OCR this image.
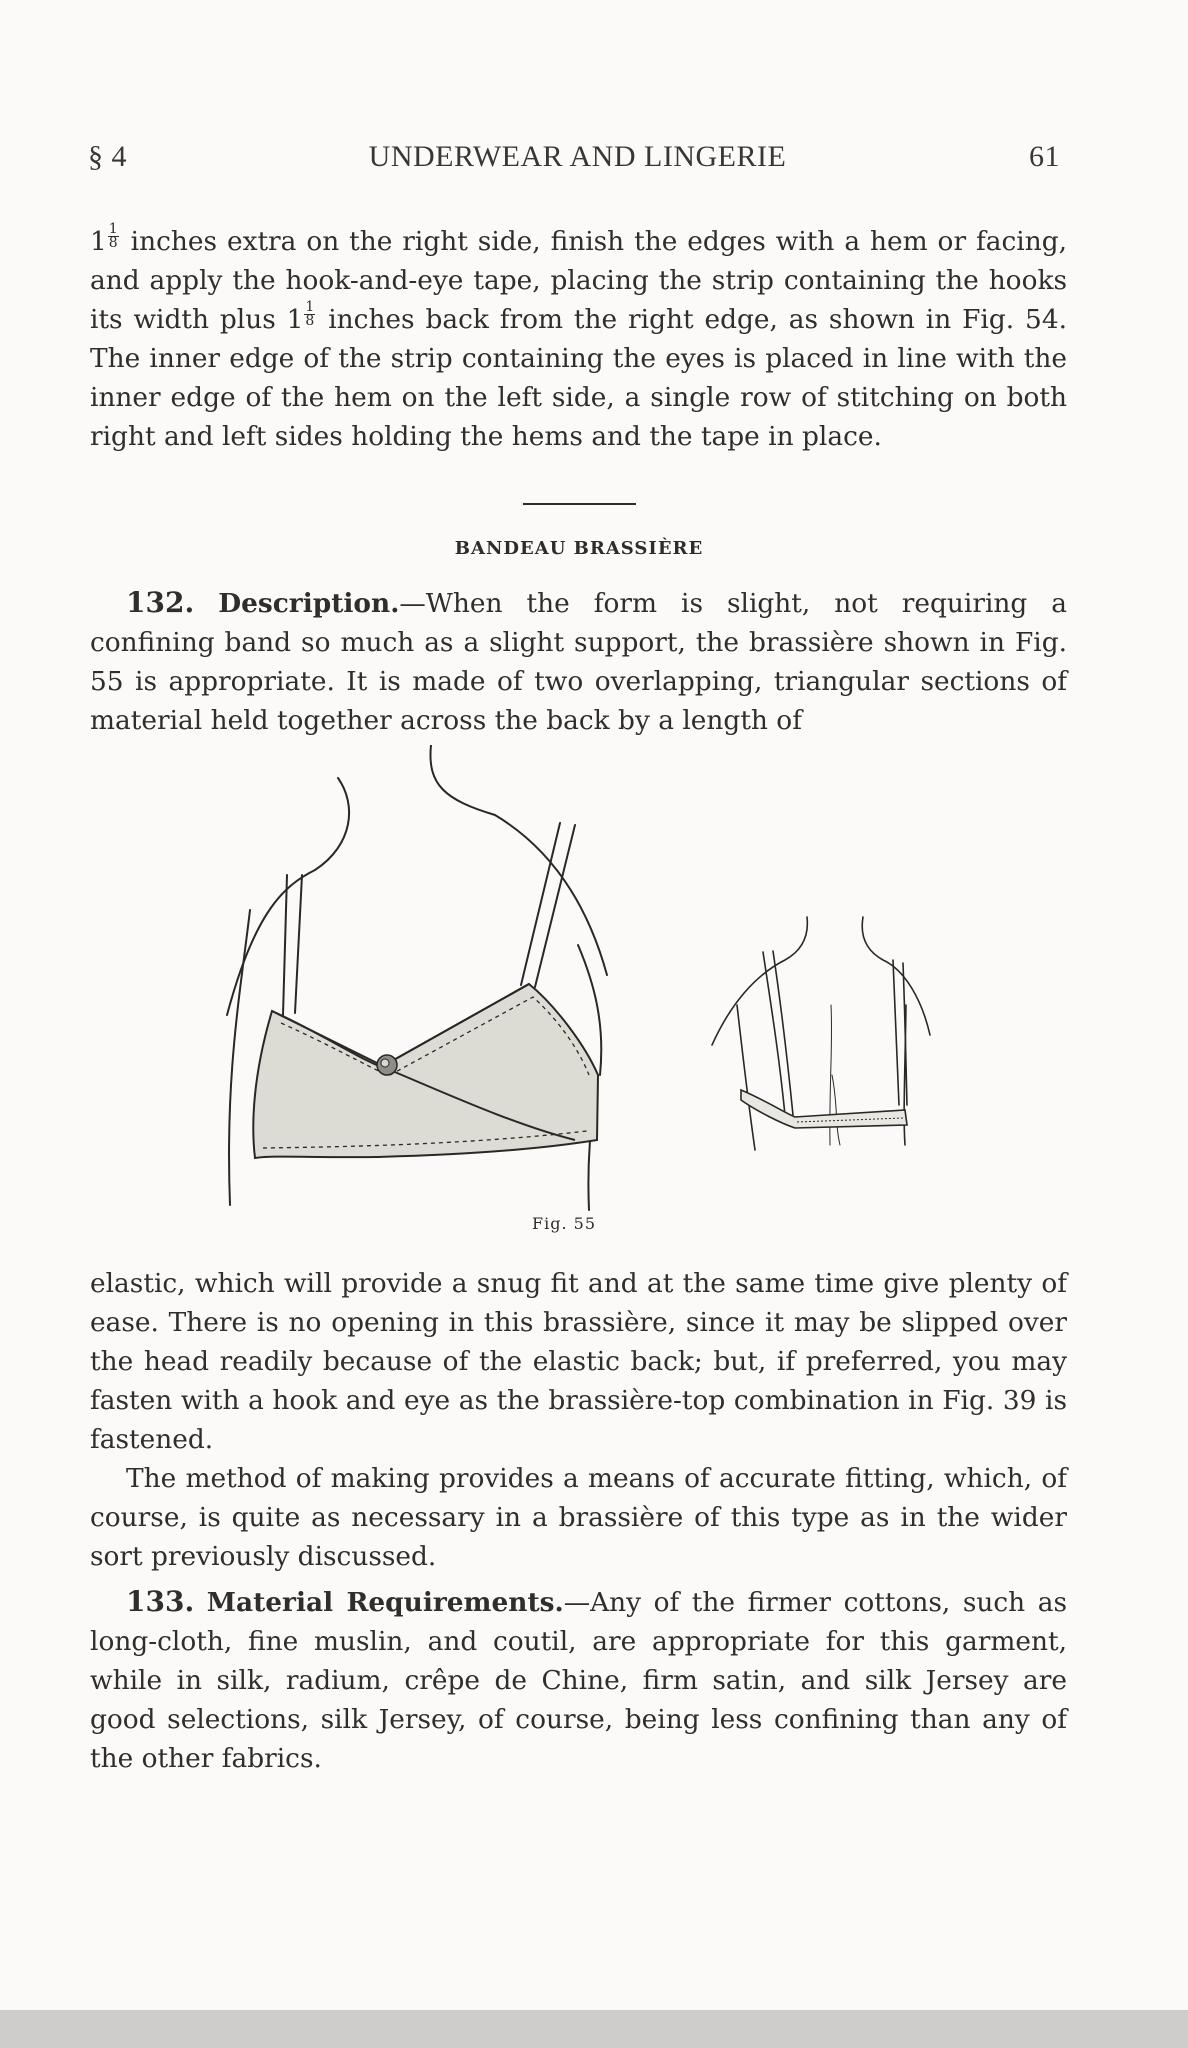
§ 4	UNDERWEAR AND LINGERIE	61

$1 \frac{1}{8}$ inches extra on the right side, finish the edges with a hem or facing, and apply the hook-and-eye tape, placing the strip containing the hooks its width plus $1 \frac{1}{8}$ inches back from the right edge, as shown in Fig. 54. The inner edge of the strip containing the eyes is placed in line with the inner edge of the hem on the left side, a single row of stitching on both right and left sides holding the hems and the tape in place.

BANDEAU BRASSIÈRE

132. Description.—When the form is slight, not requiring a confining band so much as a slight support, the brassière shown in Fig. 55 is appropriate. It is made of two overlapping, triangular sections of material held together across the back by a length of

Fig. 55

elastic, which will provide a snug fit and at the same time give plenty of ease. There is no opening in this brassière, since it may be slipped over the head readily because of the elastic back; but, if preferred, you may fasten with a hook and eye as the brassière-top combination in Fig. 39 is fastened.

The method of making provides a means of accurate fitting, which, of course, is quite as necessary in a brassière of this type as in the wider sort previously discussed.

133. Material Requirements.—Any of the firmer cottons, such as long-cloth, fine muslin, and coutil, are appropriate for this garment, while in silk, radium, crêpe de Chine, firm satin, and silk Jersey are good selections, silk Jersey, of course, being less confining than any of the other fabrics.
